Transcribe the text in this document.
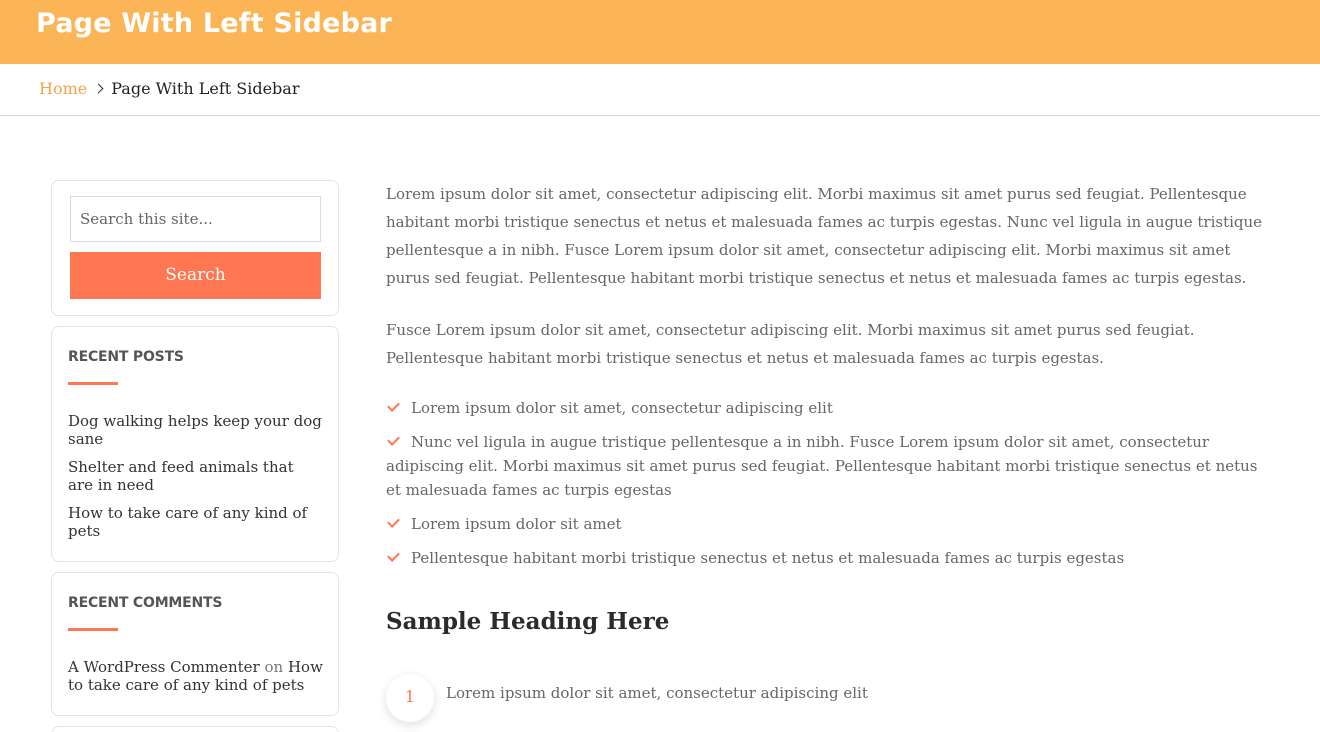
Page With Left Sidebar
Home Page With Left Sidebar
Search this site...
Search
RECENT POSTS
Dog walking helps keep your dog sane
Shelter and feed animals that are in need
How to take care of any kind of pets
RECENT COMMENTS
A WordPress Commenter on How to take care of any kind of pets

Lorem ipsum dolor sit amet, consectetur adipiscing elit. Morbi maximus sit amet purus sed feugiat. Pellentesque habitant morbi tristique senectus et netus et malesuada fames ac turpis egestas. Nunc vel ligula in augue tristique pellentesque a in nibh. Fusce Lorem ipsum dolor sit amet, consectetur adipiscing elit. Morbi maximus sit amet purus sed feugiat. Pellentesque habitant morbi tristique senectus et netus et malesuada fames ac turpis egestas.

Fusce Lorem ipsum dolor sit amet, consectetur adipiscing elit. Morbi maximus sit amet purus sed feugiat. Pellentesque habitant morbi tristique senectus et netus et malesuada fames ac turpis egestas.

Lorem ipsum dolor sit amet, consectetur adipiscing elit
Nunc vel ligula in augue tristique pellentesque a in nibh. Fusce Lorem ipsum dolor sit amet, consectetur adipiscing elit. Morbi maximus sit amet purus sed feugiat. Pellentesque habitant morbi tristique senectus et netus et malesuada fames ac turpis egestas
Lorem ipsum dolor sit amet
Pellentesque habitant morbi tristique senectus et netus et malesuada fames ac turpis egestas
Sample Heading Here
1	Lorem ipsum dolor sit amet, consectetur adipiscing elit
